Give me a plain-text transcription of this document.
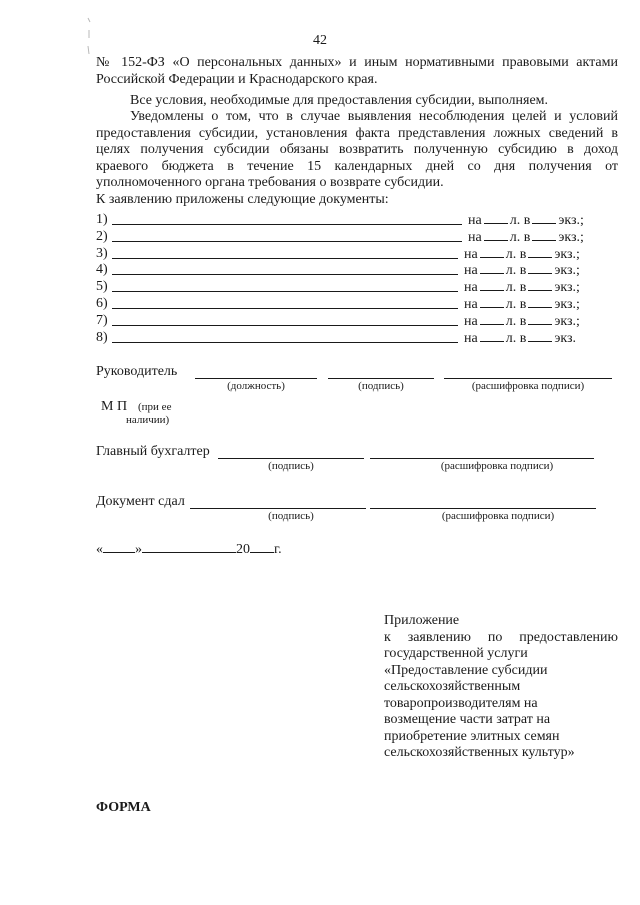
42

№ 152-ФЗ «О персональных данных» и иным нормативными правовыми актами Российской Федерации и Краснодарского края.

Все условия, необходимые для предоставления субсидии, выполняем.

Уведомлены о том, что в случае выявления несоблюдения целей и условий предоставления субсидии, установления факта представления ложных сведений в целях получения субсидии обязаны возвратить полученную субсидию в доход краевого бюджета в течение 15 календарных дней со дня получения от уполномоченного органа требования о возврате субсидии.

К заявлению приложены следующие документы:

1)	на л. в экз.;
2)	на л. в экз.;
3)	на л. в экз.;
4)	на л. в экз.;
5)	на л. в экз.;
6)	на л. в экз.;
7)	на л. в экз.;
8)	на л. в экз.
Руководитель
(должность)	(подпись)	(расшифровка подписи)
М П (при ее
наличии)
Главный бухгалтер
(подпись)	(расшифровка подписи)
Документ сдал
(подпись)	(расшифровка подписи)
« »	20 г.
Приложение
к заявлению по предоставлению
государственной услуги
«Предоставление субсидии
сельскохозяйственным
товаропроизводителям на
возмещение части затрат на
приобретение элитных семян
сельскохозяйственных культур»
ФОРМА
